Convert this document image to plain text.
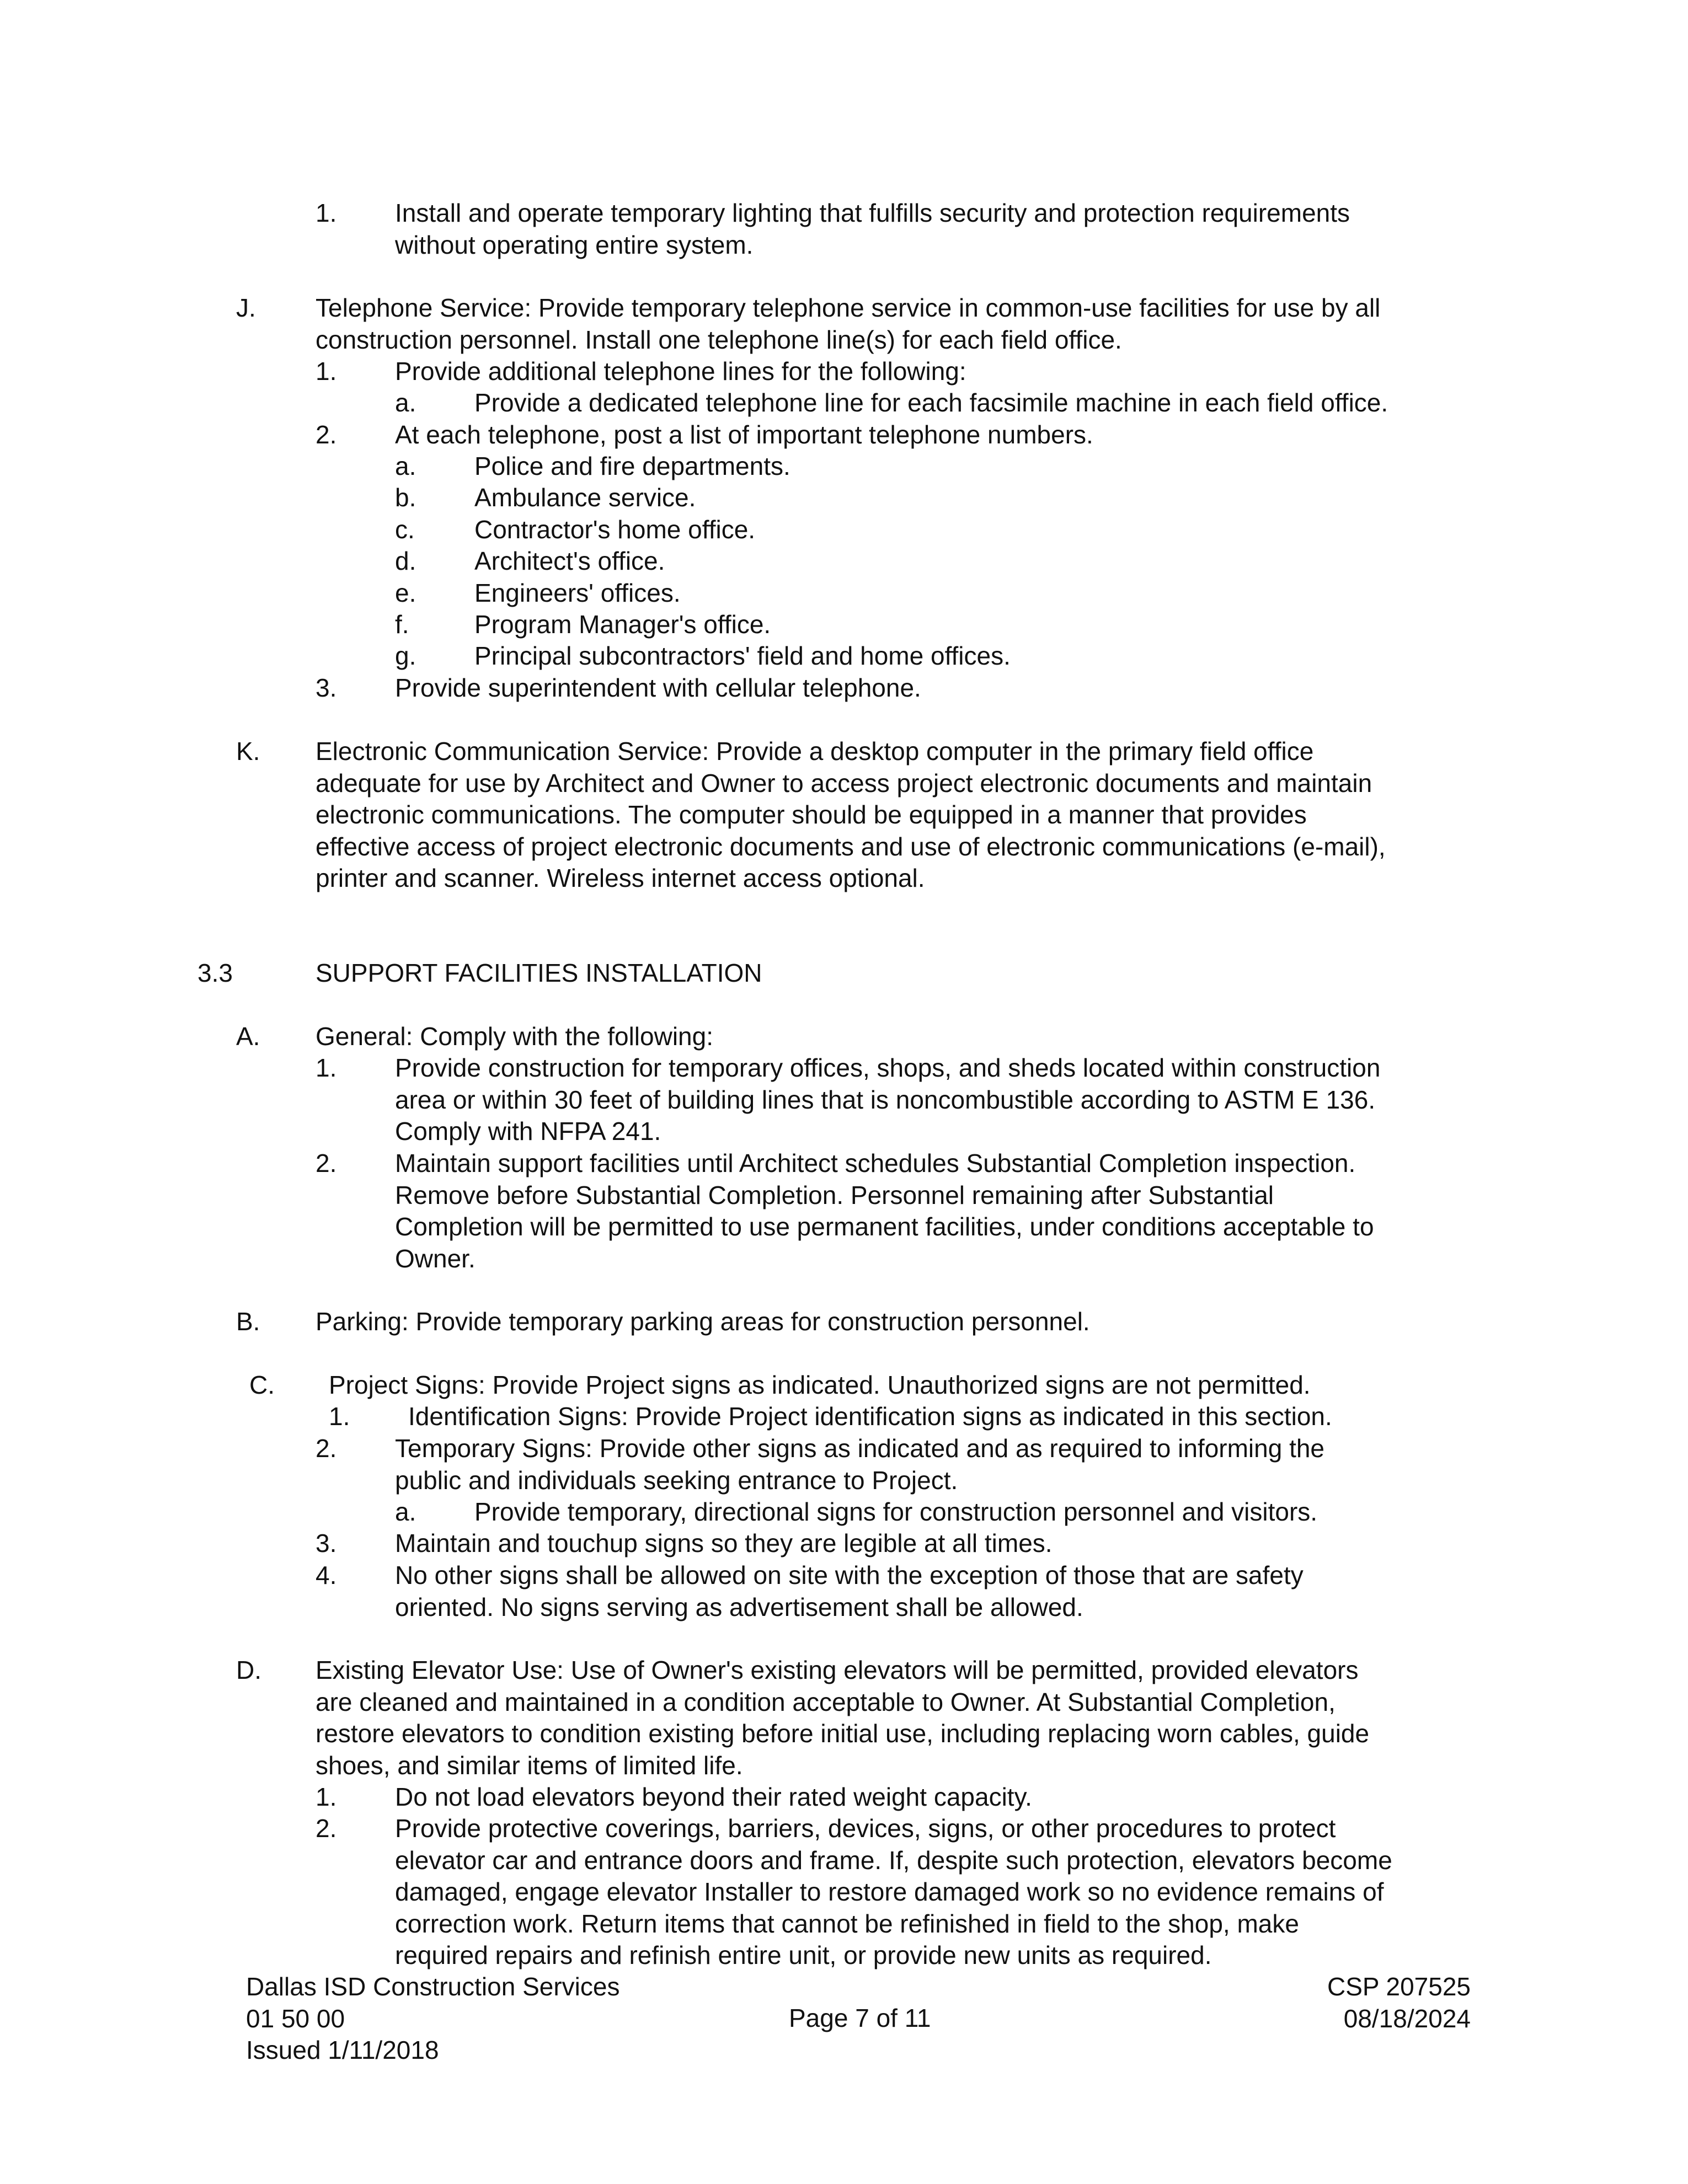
1. Install and operate temporary lighting that fulfills security and protection requirements
without operating entire system.
J. Telephone Service: Provide temporary telephone service in common-use facilities for use by all
construction personnel. Install one telephone line(s) for each field office.
1. Provide additional telephone lines for the following:
a. Provide a dedicated telephone line for each facsimile machine in each field office.
2. At each telephone, post a list of important telephone numbers.
a. Police and fire departments.
b. Ambulance service.
c. Contractor's home office.
d. Architect's office.
e. Engineers' offices.
f.	Program Manager's office.
g. Principal subcontractors' field and home offices.
3. Provide superintendent with cellular telephone.
K. Electronic Communication Service: Provide a desktop computer in the primary field office
adequate for use by Architect and Owner to access project electronic documents and maintain
electronic communications. The computer should be equipped in a manner that provides
effective access of project electronic documents and use of electronic communications (e-mail),
printer and scanner. Wireless internet access optional.
3.3	SUPPORT FACILITIES INSTALLATION
A. General: Comply with the following:
1. Provide construction for temporary offices, shops, and sheds located within construction
area or within 30 feet of building lines that is noncombustible according to ASTM E 136.
Comply with NFPA 241.
2. Maintain support facilities until Architect schedules Substantial Completion inspection.
Remove before Substantial Completion. Personnel remaining after Substantial
Completion will be permitted to use permanent facilities, under conditions acceptable to
Owner.
B. Parking: Provide temporary parking areas for construction personnel.
C. Project Signs: Provide Project signs as indicated. Unauthorized signs are not permitted.
1. Identification Signs: Provide Project identification signs as indicated in this section.
2. Temporary Signs: Provide other signs as indicated and as required to informing the
public and individuals seeking entrance to Project.
a. Provide temporary, directional signs for construction personnel and visitors.
3. Maintain and touchup signs so they are legible at all times.
4. No other signs shall be allowed on site with the exception of those that are safety
oriented. No signs serving as advertisement shall be allowed.
D. Existing Elevator Use: Use of Owner's existing elevators will be permitted, provided elevators
are cleaned and maintained in a condition acceptable to Owner. At Substantial Completion,
restore elevators to condition existing before initial use, including replacing worn cables, guide
shoes, and similar items of limited life.
1. Do not load elevators beyond their rated weight capacity.
2. Provide protective coverings, barriers, devices, signs, or other procedures to protect
elevator car and entrance doors and frame. If, despite such protection, elevators become
damaged, engage elevator Installer to restore damaged work so no evidence remains of
correction work. Return items that cannot be refinished in field to the shop, make
required repairs and refinish entire unit, or provide new units as required.
Dallas ISD Construction Services
01 50 00
Issued 1/11/2018
Page 7 of 11
CSP 207525
08/18/2024
